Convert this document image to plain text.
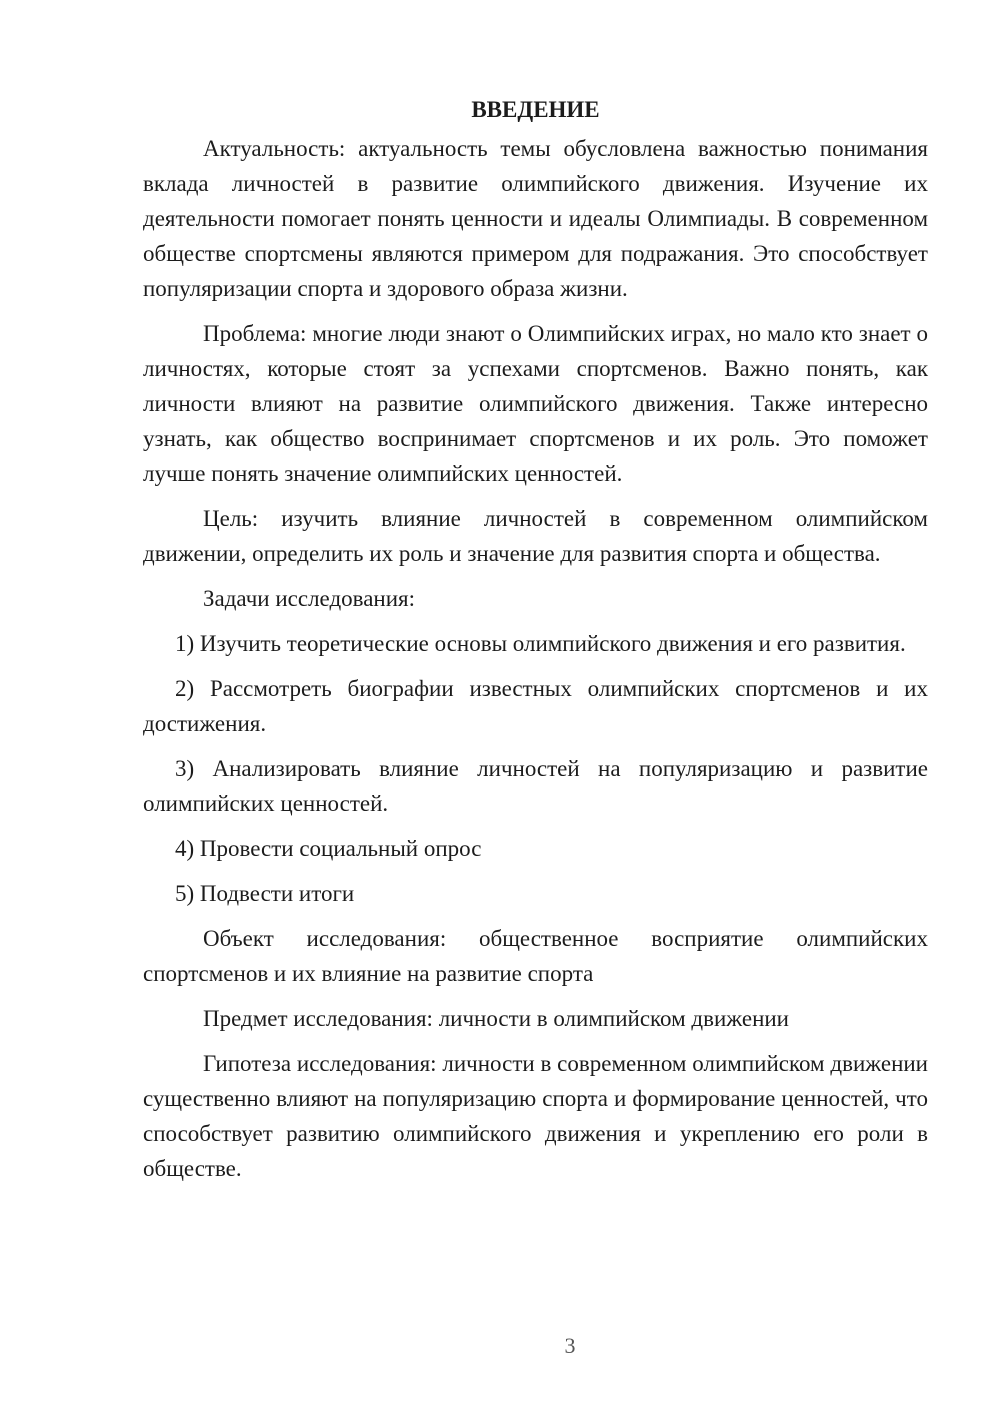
ВВЕДЕНИЕ

Актуальность: актуальность темы обусловлена важностью понимания вклада личностей в развитие олимпийского движения. Изучение их деятельности помогает понять ценности и идеалы Олимпиады. В современном обществе спортсмены являются примером для подражания. Это способствует популяризации спорта и здорового образа жизни.

Проблема: многие люди знают о Олимпийских играх, но мало кто знает о личностях, которые стоят за успехами спортсменов. Важно понять, как личности влияют на развитие олимпийского движения. Также интересно узнать, как общество воспринимает спортсменов и их роль. Это поможет лучше понять значение олимпийских ценностей.

Цель: изучить влияние личностей в современном олимпийском движении, определить их роль и значение для развития спорта и общества.

Задачи исследования:

1) Изучить теоретические основы олимпийского движения и его развития.

2) Рассмотреть биографии известных олимпийских спортсменов и их достижения.

3) Анализировать влияние личностей на популяризацию и развитие олимпийских ценностей.

4) Провести социальный опрос

5) Подвести итоги

Объект исследования: общественное восприятие олимпийских спортсменов и их влияние на развитие спорта

Предмет исследования: личности в олимпийском движении

Гипотеза исследования: личности в современном олимпийском движении существенно влияют на популяризацию спорта и формирование ценностей, что способствует развитию олимпийского движения и укреплению его роли в обществе.

3
